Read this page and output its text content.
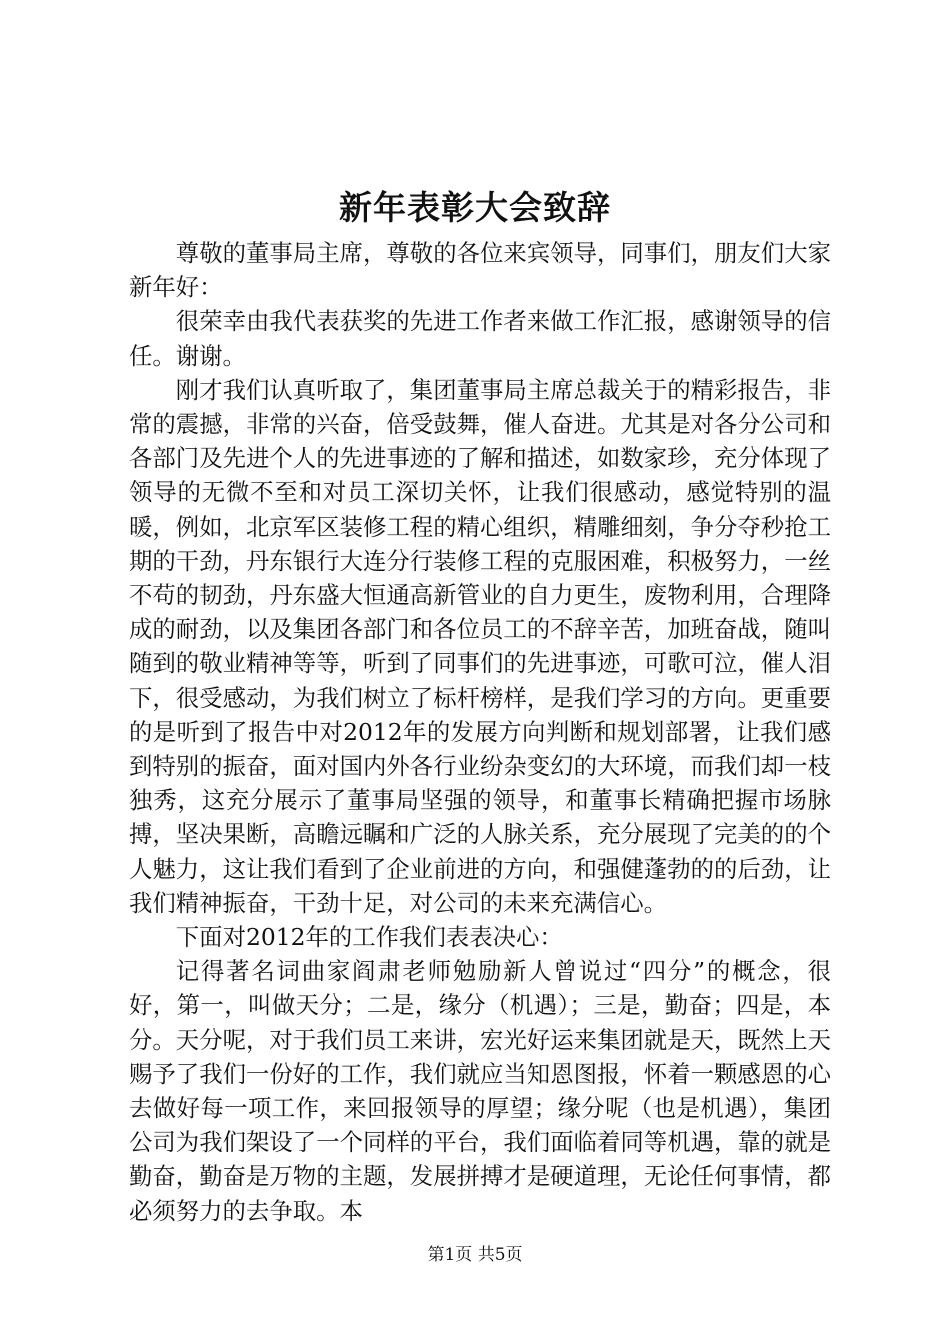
新年表彰大会致辞

尊敬的董事局主席，尊敬的各位来宾领导，同事们，朋友们大家新年好：

很荣幸由我代表获奖的先进工作者来做工作汇报，感谢领导的信任。谢谢。

刚才我们认真听取了，集团董事局主席总裁关于的精彩报告，非常的震撼，非常的兴奋，倍受鼓舞，催人奋进。尤其是对各分公司和各部门及先进个人的先进事迹的了解和描述，如数家珍，充分体现了领导的无微不至和对员工深切关怀，让我们很感动，感觉特别的温暖，例如，北京军区装修工程的精心组织，精雕细刻，争分夺秒抢工期的干劲，丹东银行大连分行装修工程的克服困难，积极努力，一丝不苟的韧劲，丹东盛大恒通高新管业的自力更生，废物利用，合理降成的耐劲，以及集团各部门和各位员工的不辞辛苦，加班奋战，随叫随到的敬业精神等等，听到了同事们的先进事迹，可歌可泣，催人泪下，很受感动，为我们树立了标杆榜样，是我们学习的方向。更重要的是听到了报告中对2012年的发展方向判断和规划部署，让我们感到特别的振奋，面对国内外各行业纷杂变幻的大环境，而我们却一枝独秀，这充分展示了董事局坚强的领导，和董事长精确把握市场脉搏，坚决果断，高瞻远瞩和广泛的人脉关系，充分展现了完美的的个人魅力，这让我们看到了企业前进的方向，和强健蓬勃的的后劲，让我们精神振奋，干劲十足，对公司的未来充满信心。

下面对2012年的工作我们表表决心：

记得著名词曲家阎肃老师勉励新人曾说过“四分”的概念，很好，第一，叫做天分；二是，缘分（机遇）；三是，勤奋；四是，本分。天分呢，对于我们员工来讲，宏光好运来集团就是天，既然上天赐予了我们一份好的工作，我们就应当知恩图报，怀着一颗感恩的心去做好每一项工作，来回报领导的厚望；缘分呢（也是机遇），集团公司为我们架设了一个同样的平台，我们面临着同等机遇，靠的就是勤奋，勤奋是万物的主题，发展拼搏才是硬道理，无论任何事情，都必须努力的去争取。本

第1页 共5页
